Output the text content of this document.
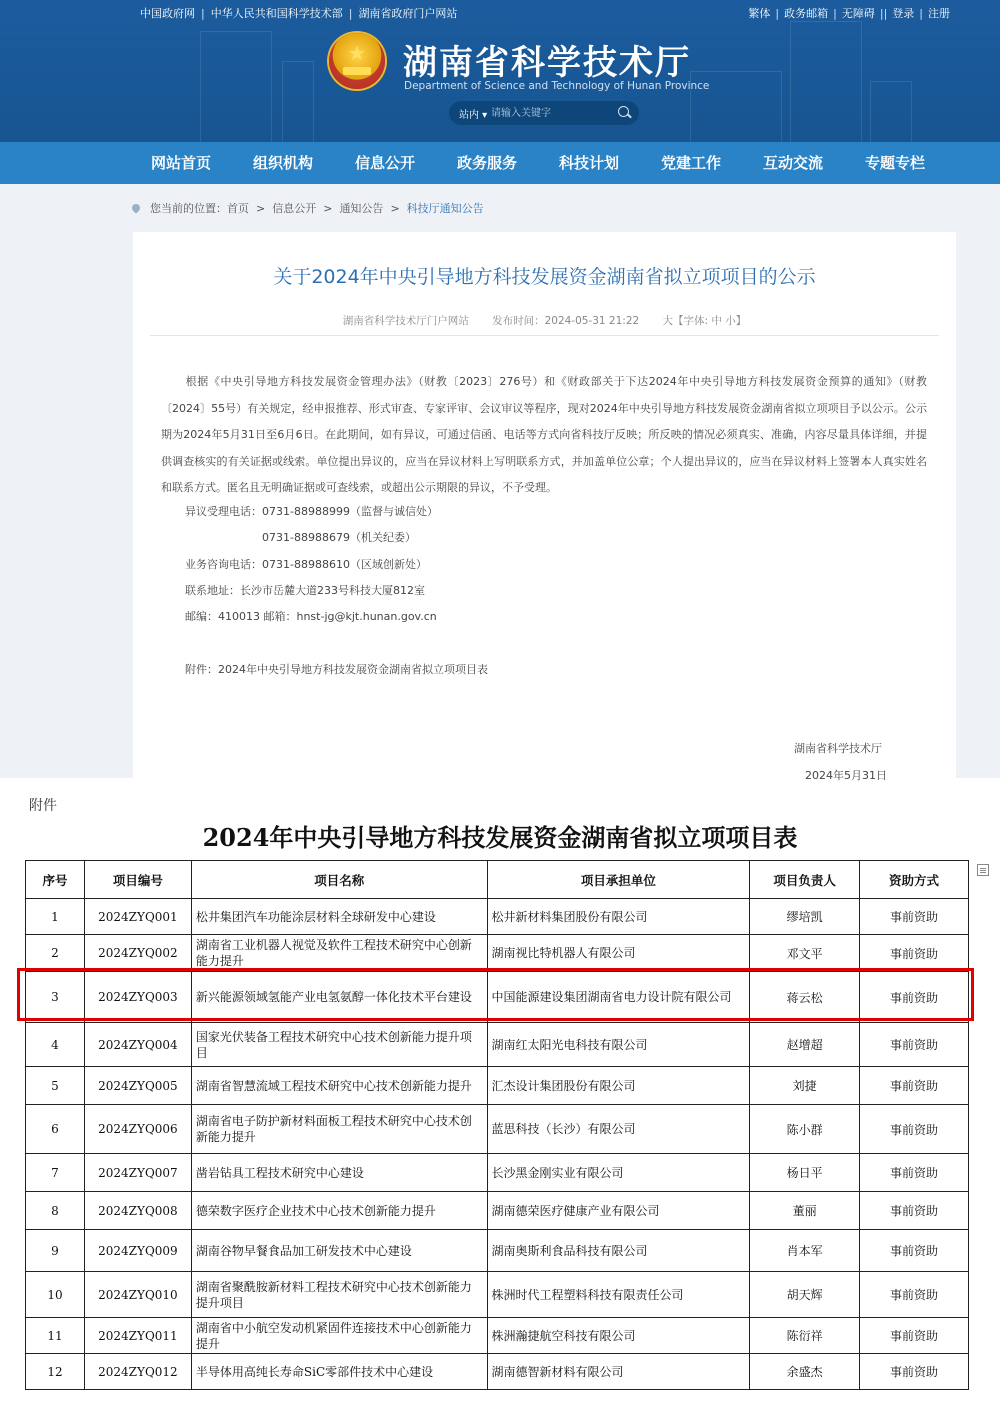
中国政府网 | 中华人民共和国科学技术部 | 湖南省政府门户网站	繁体 | 政务邮箱 | 无障碍 || 登录 | 注册
★	湖南省科学技术厅
Department of Science and Technology of Hunan Province
站内 ▾
请输入关键字
网站首页	组织机构	信息公开	政务服务	科技计划	党建工作	互动交流	专题专栏
您当前的位置：首页 > 信息公开 > 通知公告 > 科技厅通知公告
关于2024年中央引导地方科技发展资金湖南省拟立项项目的公示
湖南省科学技术厅门户网站 发布时间：2024-05-31 21:22 大【字体: 中 小】
根据《中央引导地方科技发展资金管理办法》（财教〔2023〕276号）和《财政部关于下达2024年中央引导地方科技发展资金预算的通知》（财教〔2024〕55号）有关规定，经申报推荐、形式审查、专家评审、会议审议等程序，现对2024年中央引导地方科技发展资金湖南省拟立项项目予以公示。公示期为2024年5月31日至6月6日。在此期间，如有异议，可通过信函、电话等方式向省科技厅反映；所反映的情况必须真实、准确，内容尽量具体详细，并提供调查核实的有关证据或线索。单位提出异议的，应当在异议材料上写明联系方式，并加盖单位公章；个人提出异议的，应当在异议材料上签署本人真实姓名和联系方式。匿名且无明确证据或可查线索，或超出公示期限的异议，不予受理。
异议受理电话：0731-88988999（监督与诚信处）
0731-88988679（机关纪委）
业务咨询电话：0731-88988610（区域创新处）
联系地址：长沙市岳麓大道233号科技大厦812室
邮编：410013 邮箱：hnst-jg@kjt.hunan.gov.cn
附件：2024年中央引导地方科技发展资金湖南省拟立项项目表
湖南省科学技术厅
2024年5月31日
附件
2024年中央引导地方科技发展资金湖南省拟立项项目表
序号	项目编号	项目名称	项目承担单位	项目负责人	资助方式
1	2024ZYQ001	松井集团汽车功能涂层材料全球研发中心建设	松井新材料集团股份有限公司	缪培凯	事前资助
2	2024ZYQ002	湖南省工业机器人视觉及软件工程技术研究中心创新能力提升	湖南视比特机器人有限公司	邓文平	事前资助
3	2024ZYQ003	新兴能源领域氢能产业电氢氨醇一体化技术平台建设	中国能源建设集团湖南省电力设计院有限公司	蒋云松	事前资助
4	2024ZYQ004	国家光伏装备工程技术研究中心技术创新能力提升项目	湖南红太阳光电科技有限公司	赵增超	事前资助
5	2024ZYQ005	湖南省智慧流域工程技术研究中心技术创新能力提升	汇杰设计集团股份有限公司	刘捷	事前资助
6	2024ZYQ006	湖南省电子防护新材料面板工程技术研究中心技术创新能力提升	蓝思科技（长沙）有限公司	陈小群	事前资助
7	2024ZYQ007	凿岩钻具工程技术研究中心建设	长沙黑金刚实业有限公司	杨日平	事前资助
8	2024ZYQ008	德荣数字医疗企业技术中心技术创新能力提升	湖南德荣医疗健康产业有限公司	董丽	事前资助
9	2024ZYQ009	湖南谷物早餐食品加工研发技术中心建设	湖南奥斯利食品科技有限公司	肖本军	事前资助
10	2024ZYQ010	湖南省聚酰胺新材料工程技术研究中心技术创新能力提升项目	株洲时代工程塑料科技有限责任公司	胡天辉	事前资助
11	2024ZYQ011	湖南省中小航空发动机紧固件连接技术中心创新能力提升	株洲瀚捷航空科技有限公司	陈衍祥	事前资助
12	2024ZYQ012	半导体用高纯长寿命SiC零部件技术中心建设	湖南德智新材料有限公司	余盛杰	事前资助
